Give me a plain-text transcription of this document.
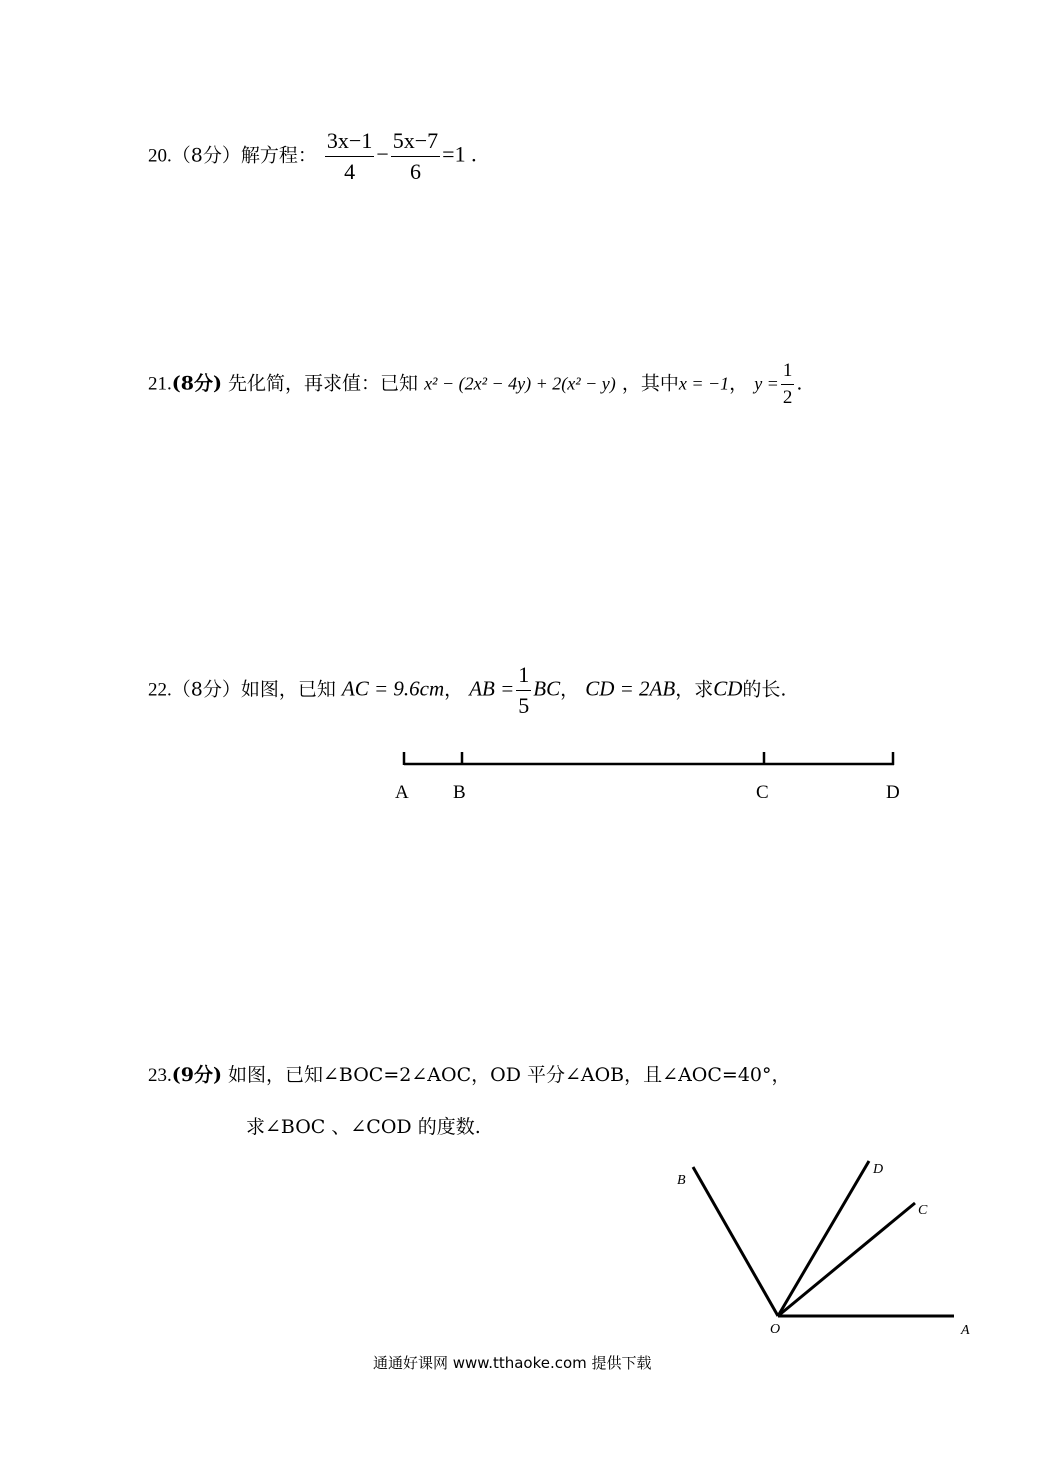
20.（8分）解方程： $\frac{3x-1}{4} - \frac{5x-7}{6} =1$ .
21.(8分) 先化简，再求值：已知 x² − (2x² − 4y) + 2(x² − y) ，其中x = −1， $y = \frac{1}{2}$ .
22.（8分）如图，已知 AC = 9.6cm， AB = $\frac{1}{5}$ BC， CD = 2AB，求CD的长.
A B	C	D
23.(9分) 如图，已知∠BOC=2∠AOC，OD 平分∠AOB，且∠AOC=40°，
求∠BOC 、∠COD 的度数.
B
D
C
O	A
通通好课网 www.tthaoke.com 提供下载
